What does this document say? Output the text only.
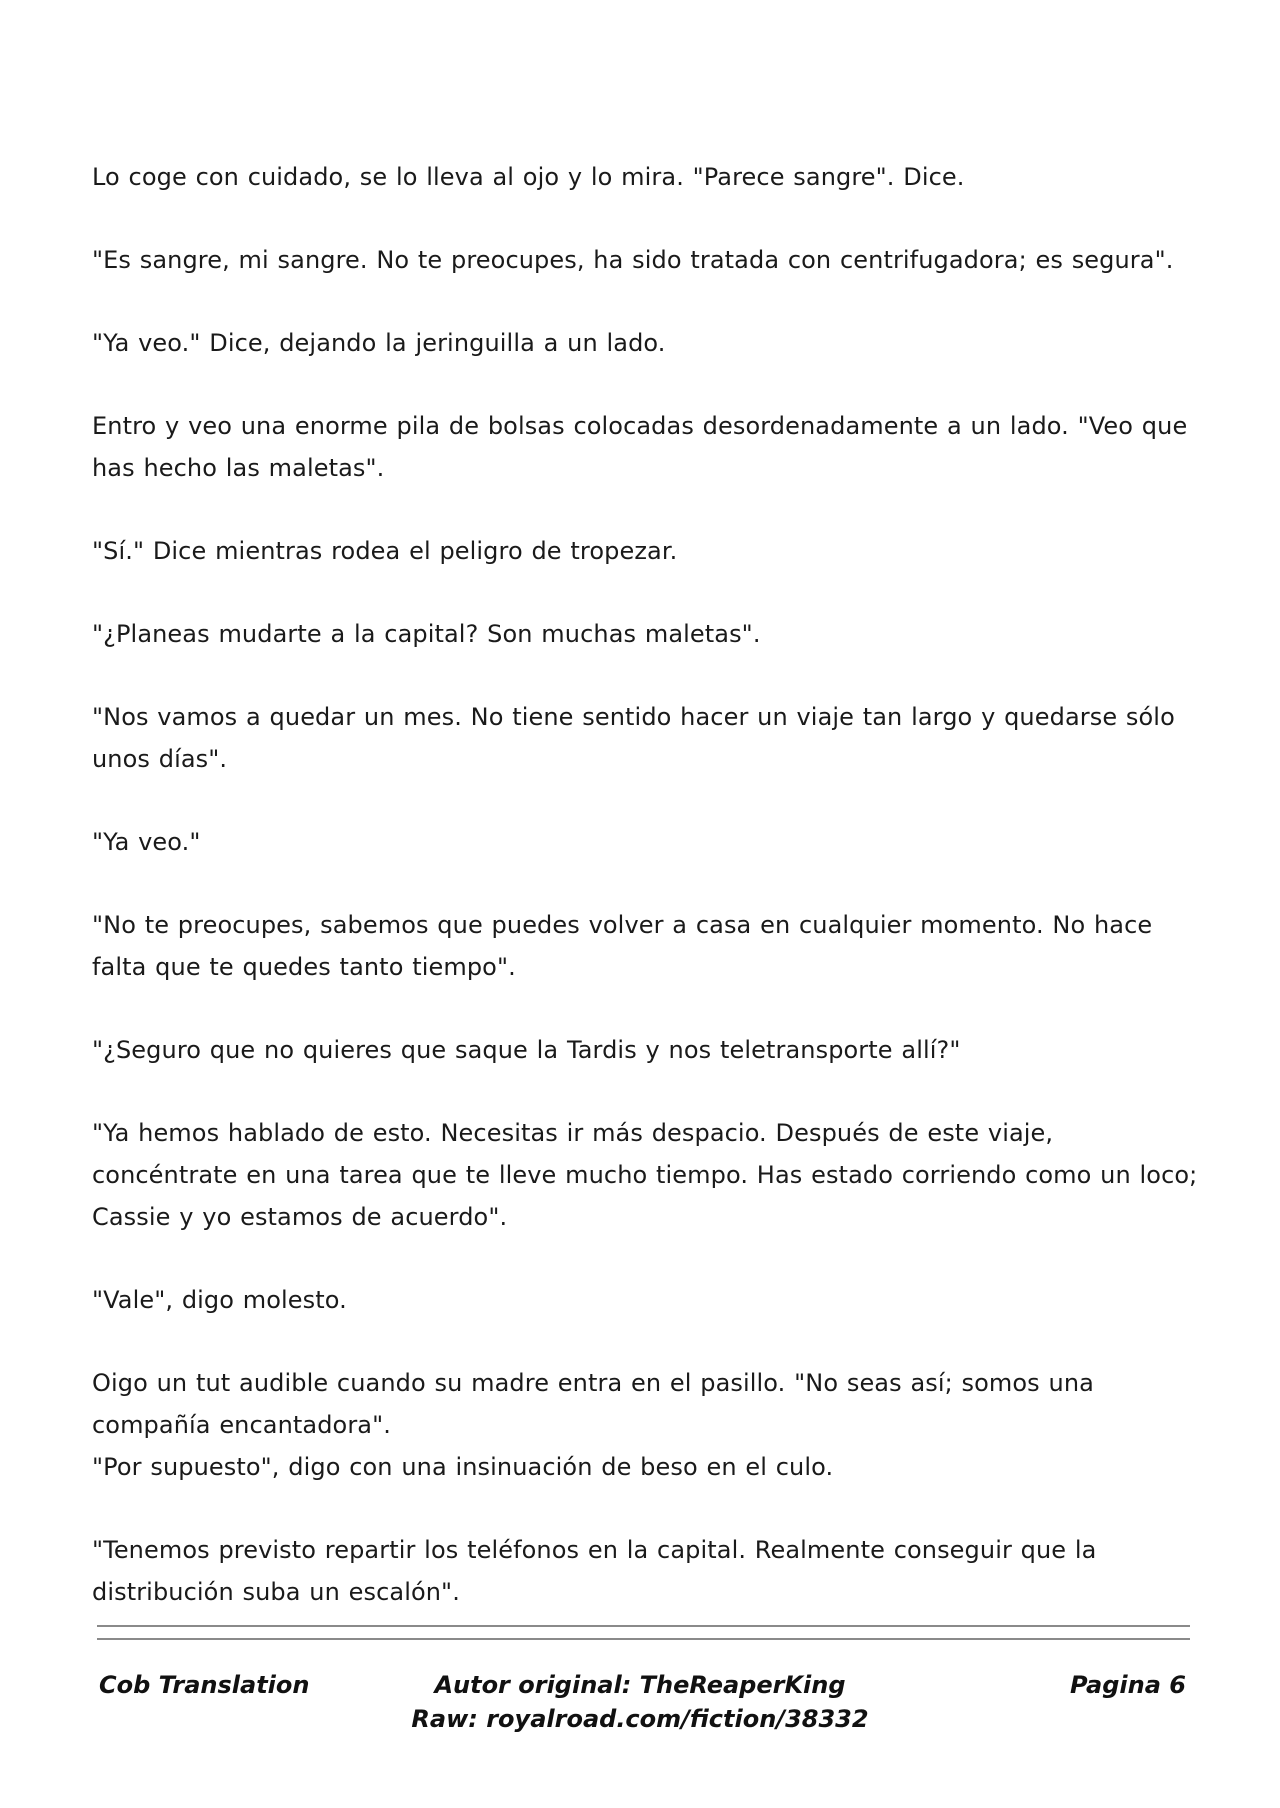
Lo coge con cuidado, se lo lleva al ojo y lo mira. "Parece sangre". Dice.

"Es sangre, mi sangre. No te preocupes, ha sido tratada con centrifugadora; es segura".

"Ya veo." Dice, dejando la jeringuilla a un lado.

Entro y veo una enorme pila de bolsas colocadas desordenadamente a un lado. "Veo que has hecho las maletas".

"Sí." Dice mientras rodea el peligro de tropezar.

"¿Planeas mudarte a la capital? Son muchas maletas".

"Nos vamos a quedar un mes. No tiene sentido hacer un viaje tan largo y quedarse sólo unos días".

"Ya veo."

"No te preocupes, sabemos que puedes volver a casa en cualquier momento. No hace falta que te quedes tanto tiempo".

"¿Seguro que no quieres que saque la Tardis y nos teletransporte allí?"

"Ya hemos hablado de esto. Necesitas ir más despacio. Después de este viaje, concéntrate en una tarea que te lleve mucho tiempo. Has estado corriendo como un loco; Cassie y yo estamos de acuerdo".

"Vale", digo molesto.

Oigo un tut audible cuando su madre entra en el pasillo. "No seas así; somos una compañía encantadora".

"Por supuesto", digo con una insinuación de beso en el culo.

"Tenemos previsto repartir los teléfonos en la capital. Realmente conseguir que la distribución suba un escalón".

Cob Translation	Autor original: TheReaperKing
Raw: royalroad.com/fiction/38332
Pagina 6
